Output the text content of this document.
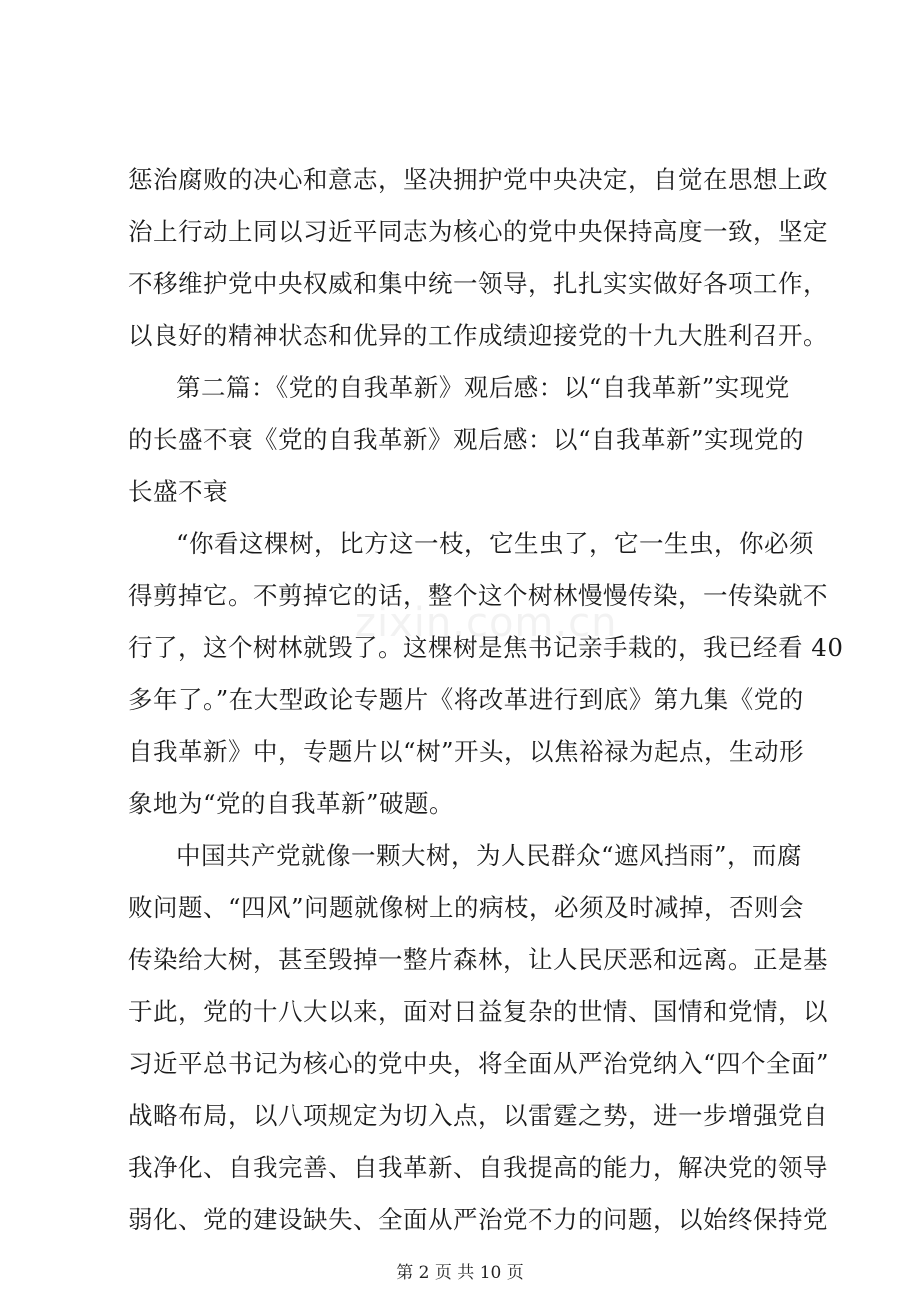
惩治腐败的决心和意志，坚决拥护党中央决定，自觉在思想上政
治上行动上同以习近平同志为核心的党中央保持高度一致，坚定
不移维护党中央权威和集中统一领导，扎扎实实做好各项工作，
以良好的精神状态和优异的工作成绩迎接党的十九大胜利召开。
第二篇：《党的自我革新》观后感：以“自我革新”实现党
的长盛不衰《党的自我革新》观后感：以“自我革新”实现党的
长盛不衰
“你看这棵树，比方这一枝，它生虫了，它一生虫，你必须
得剪掉它。不剪掉它的话，整个这个树林慢慢传染，一传染就不
行了，这个树林就毁了。这棵树是焦书记亲手栽的，我已经看 40
多年了。”在大型政论专题片《将改革进行到底》第九集《党的
自我革新》中，专题片以“树”开头，以焦裕禄为起点，生动形
象地为“党的自我革新”破题。
中国共产党就像一颗大树，为人民群众“遮风挡雨”，而腐
败问题、“四风”问题就像树上的病枝，必须及时减掉，否则会
传染给大树，甚至毁掉一整片森林，让人民厌恶和远离。正是基
于此，党的十八大以来，面对日益复杂的世情、国情和党情，以
习近平总书记为核心的党中央，将全面从严治党纳入“四个全面”
战略布局，以八项规定为切入点，以雷霆之势，进一步增强党自
我净化、自我完善、自我革新、自我提高的能力，解决党的领导
弱化、党的建设缺失、全面从严治党不力的问题，以始终保持党
zixin.com.cn
第 2 页 共 10 页
